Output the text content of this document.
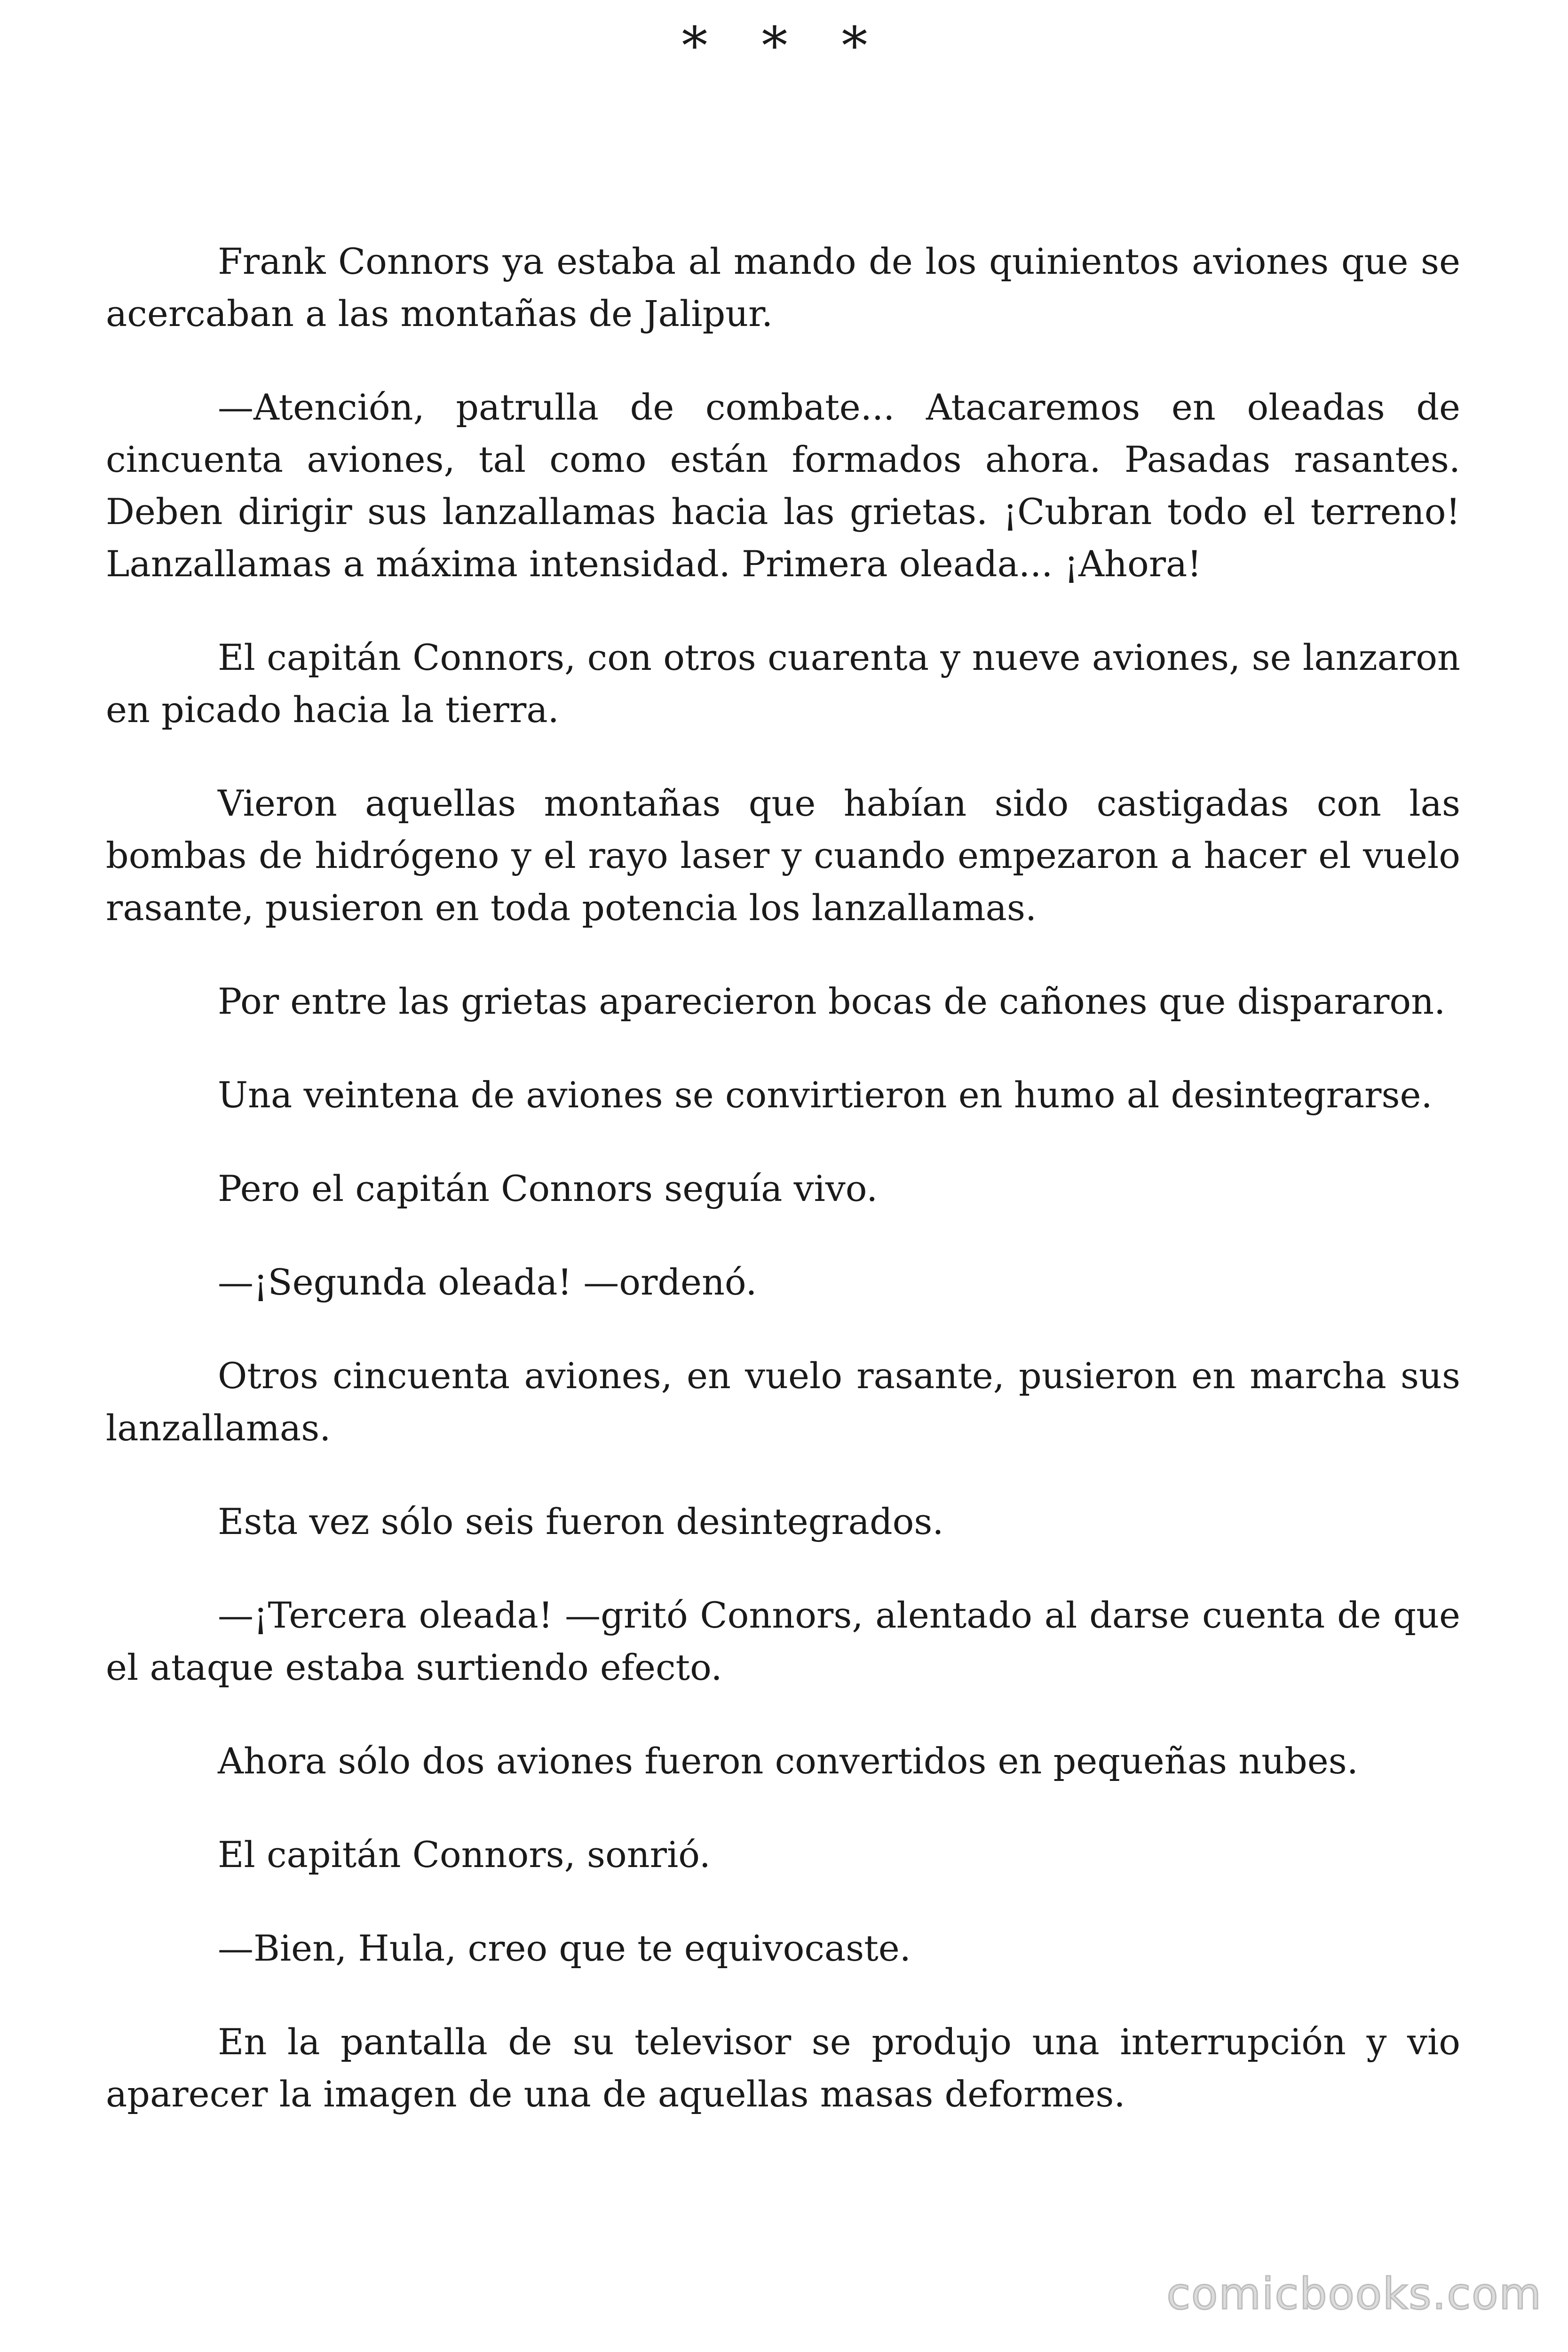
* * *

Frank Connors ya estaba al mando de los quinientos aviones que se acercaban a las montañas de Jalipur.

—Atención, patrulla de combate... Atacaremos en oleadas de cincuenta aviones, tal como están formados ahora. Pasadas rasantes. Deben dirigir sus lanzallamas hacia las grietas. ¡Cubran todo el terreno! Lanzallamas a máxima intensidad. Primera oleada... ¡Ahora!

El capitán Connors, con otros cuarenta y nueve aviones, se lanzaron en picado hacia la tierra.

Vieron aquellas montañas que habían sido castigadas con las bombas de hidrógeno y el rayo laser y cuando empezaron a hacer el vuelo rasante, pusieron en toda potencia los lanzallamas.

Por entre las grietas aparecieron bocas de cañones que dispararon.

Una veintena de aviones se convirtieron en humo al desintegrarse.

Pero el capitán Connors seguía vivo.

—¡Segunda oleada! —ordenó.

Otros cincuenta aviones, en vuelo rasante, pusieron en marcha sus lanzallamas.

Esta vez sólo seis fueron desintegrados.

—¡Tercera oleada! —gritó Connors, alentado al darse cuenta de que el ataque estaba surtiendo efecto.

Ahora sólo dos aviones fueron convertidos en pequeñas nubes.

El capitán Connors, sonrió.

—Bien, Hula, creo que te equivocaste.

En la pantalla de su televisor se produjo una interrupción y vio aparecer la imagen de una de aquellas masas deformes.

comicbooks.com
